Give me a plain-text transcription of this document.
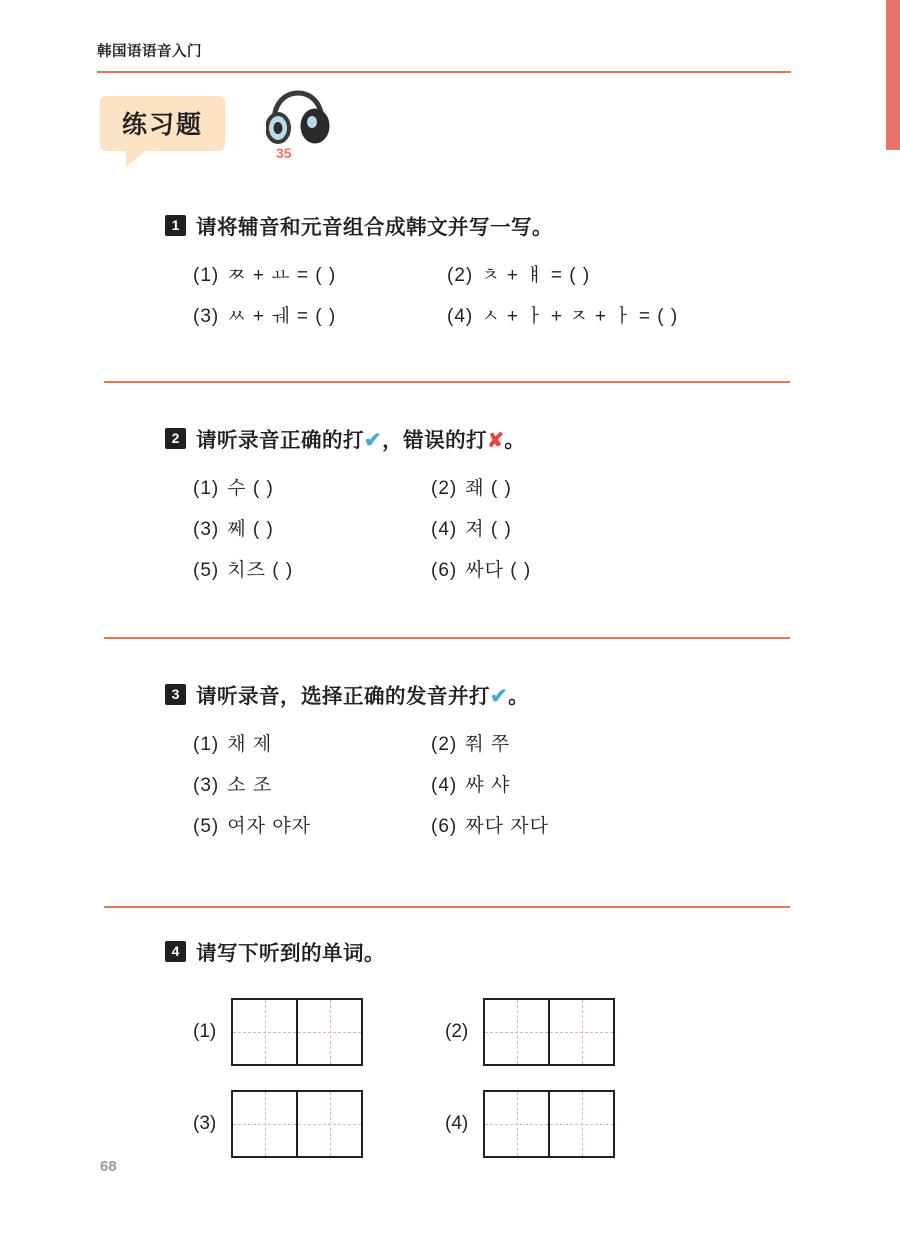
韩国语语音入门
练习题
35
1 请将辅音和元音组合成韩文并写一写。
(1) ㅉ + ㅛ = ( )	(2) ㅊ + ㅒ = ( )
(3) ㅆ + ㅞ = ( )	(4) ㅅ + ㅏ + ㅈ + ㅏ = ( )
2 请听录音正确的打✔，错误的打✘。
(1) 수 ( )	(2) 좨 ( )
(3) 쩨 ( )	(4) 져 ( )
(5) 치즈 ( )	(6) 싸다 ( )
3 请听录音，选择正确的发音并打✔。
(1) 채 제	(2) 쭤 쭈
(3) 소 조	(4) 쌰 샤
(5) 여자 야자	(6) 짜다 자다
4 请写下听到的单词。
(1)	(2)
(3)	(4)
68
